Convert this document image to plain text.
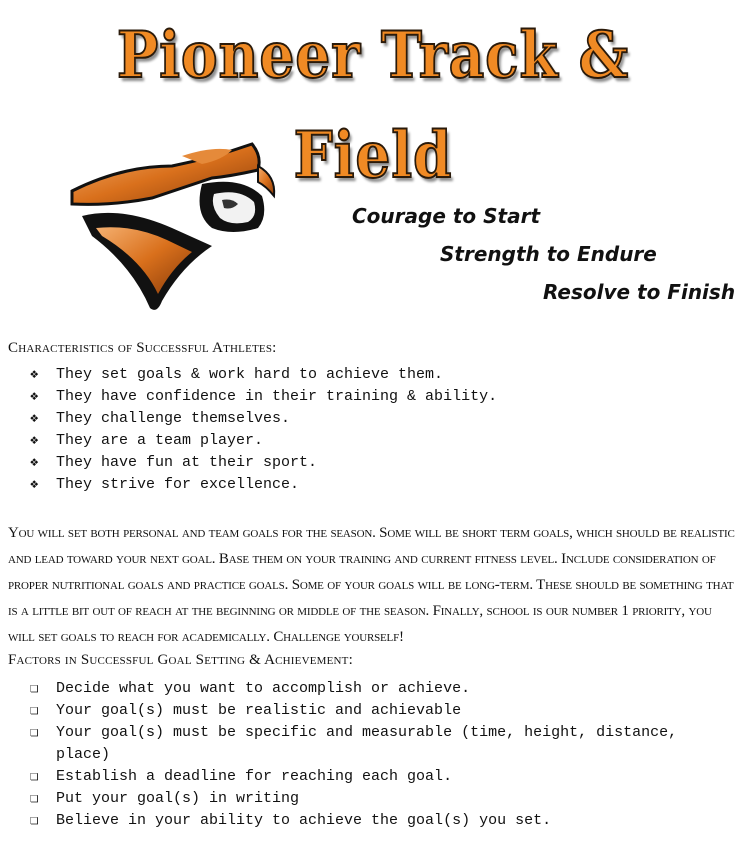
Pioneer Track & Field
Courage to Start
Strength to Endure
Resolve to Finish
Characteristics of Successful Athletes:
❖	They set goals & work hard to achieve them.
❖	They have confidence in their training & ability.
❖	They challenge themselves.
❖	They are a team player.
❖	They have fun at their sport.
❖	They strive for excellence.
You will set both personal and team goals for the season. Some will be short term goals, which should be realistic and lead toward your next goal. Base them on your training and current fitness level. Include consideration of proper nutritional goals and practice goals. Some of your goals will be long-term. These should be something that is a little bit out of reach at the beginning or middle of the season. Finally, school is our number 1 priority, you will set goals to reach for academically. Challenge yourself!
Factors in Successful Goal Setting & Achievement:
❏	Decide what you want to accomplish or achieve.
❏	Your goal(s) must be realistic and achievable
❏	Your goal(s) must be specific and measurable (time, height, distance, place)
❏	Establish a deadline for reaching each goal.
❏	Put your goal(s) in writing
❏	Believe in your ability to achieve the goal(s) you set.
